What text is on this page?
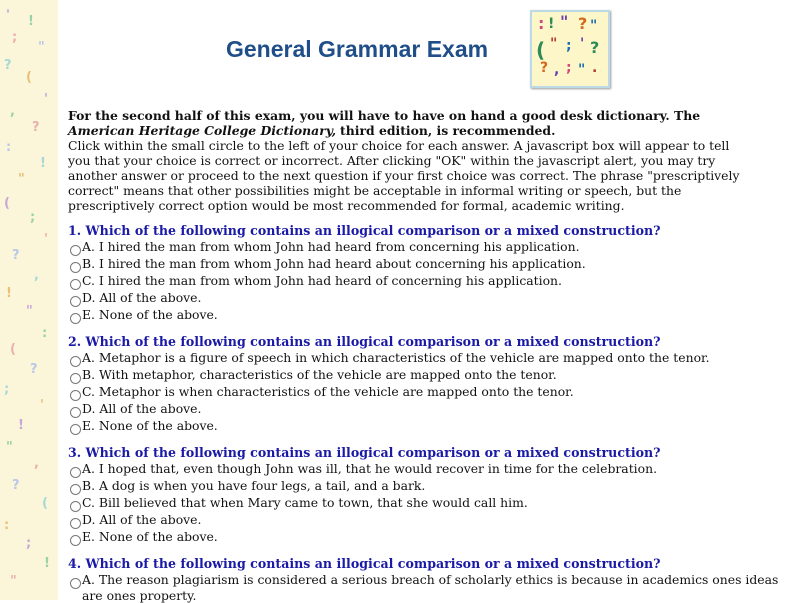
' !
;
"
?
(
'
,
?
:
!
"
(
;
'
?
,
!
"
:
(
?
;
'
!
"
,
?
(
:
;
!
"
General Grammar Exam
: ! " ? "
( " ; ' ?
? , ; " .
For the second half of this exam, you will have to have on hand a good desk dictionary. The
American Heritage College Dictionary, third edition, is recommended.
Click within the small circle to the left of your choice for each answer. A javascript box will appear to tell you that your choice is correct or incorrect. After clicking "OK" within the javascript alert, you may try another answer or proceed to the next question if your first choice was correct. The phrase "prescriptively correct" means that other possibilities might be acceptable in informal writing or speech, but the prescriptively correct option would be most recommended for formal, academic writing.
1. Which of the following contains an illogical comparison or a mixed construction?
A. I hired the man from whom John had heard from concerning his application.
B. I hired the man from whom John had heard about concerning his application.
C. I hired the man from whom John had heard of concerning his application.
D. All of the above.
E. None of the above.
2. Which of the following contains an illogical comparison or a mixed construction?
A. Metaphor is a figure of speech in which characteristics of the vehicle are mapped onto the tenor.
B. With metaphor, characteristics of the vehicle are mapped onto the tenor.
C. Metaphor is when characteristics of the vehicle are mapped onto the tenor.
D. All of the above.
E. None of the above.
3. Which of the following contains an illogical comparison or a mixed construction?
A. I hoped that, even though John was ill, that he would recover in time for the celebration.
B. A dog is when you have four legs, a tail, and a bark.
C. Bill believed that when Mary came to town, that she would call him.
D. All of the above.
E. None of the above.
4. Which of the following contains an illogical comparison or a mixed construction?
A. The reason plagiarism is considered a serious breach of scholarly ethics is because in academics ones ideas are ones property.
